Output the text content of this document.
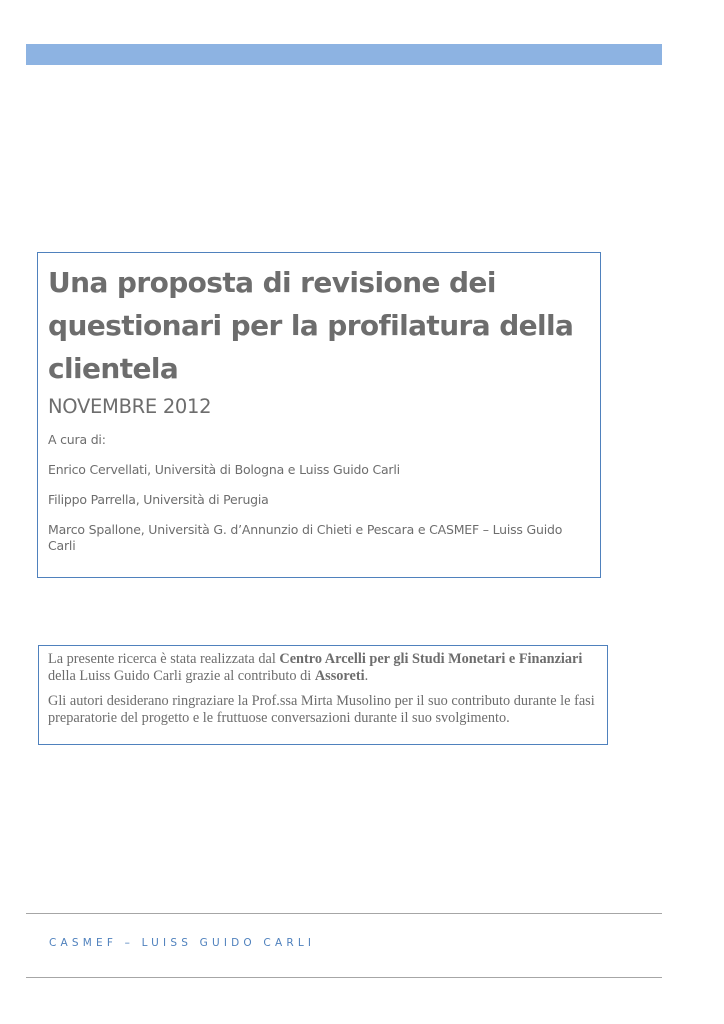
Una proposta di revisione dei questionari per la profilatura della clientela

NOVEMBRE 2012

A cura di:

Enrico Cervellati, Università di Bologna e Luiss Guido Carli

Filippo Parrella, Università di Perugia

Marco Spallone, Università G. d’Annunzio di Chieti e Pescara e CASMEF – Luiss Guido Carli

La presente ricerca è stata realizzata dal Centro Arcelli per gli Studi Monetari e Finanziari della Luiss Guido Carli grazie al contributo di Assoreti.

Gli autori desiderano ringraziare la Prof.ssa Mirta Musolino per il suo contributo durante le fasi preparatorie del progetto e le fruttuose conversazioni durante il suo svolgimento.

CASMEF – LUISS GUIDO CARLI
